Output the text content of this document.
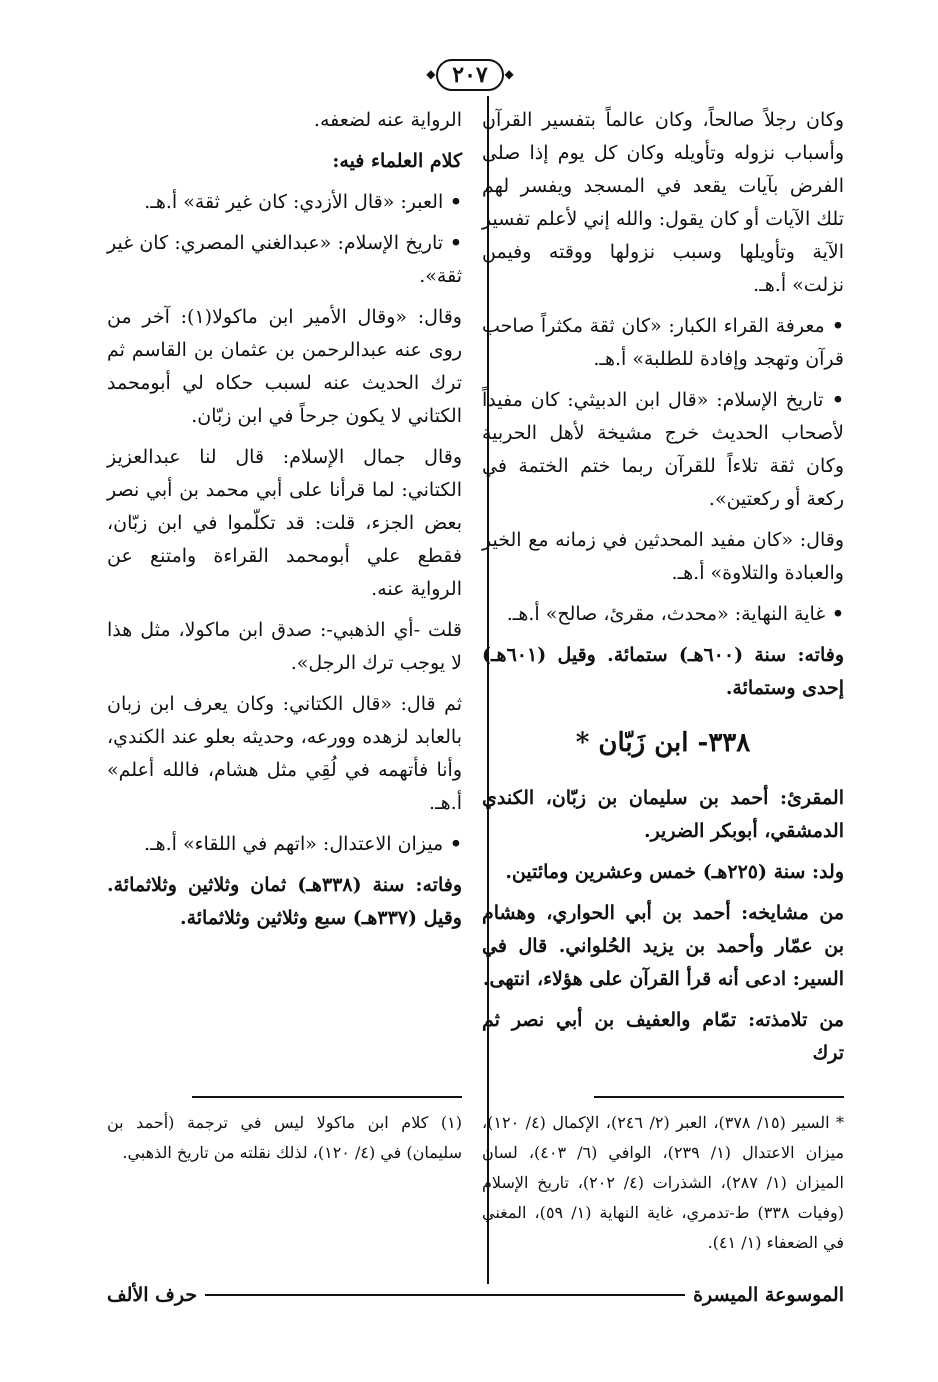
◆ ٢٠٧ ◆

وكان رجلاً صالحاً، وكان عالماً بتفسير القرآن وأسباب نزوله وتأويله وكان كل يوم إذا صلى الفرض بآيات يقعد في المسجد ويفسر لهم تلك الآيات أو كان يقول: والله إني لأعلم تفسير الآية وتأويلها وسبب نزولها ووقته وفيمن نزلت» أ.هـ.

• معرفة القراء الكبار: «كان ثقة مكثراً صاحب قرآن وتهجد وإفادة للطلبة» أ.هـ.

• تاريخ الإسلام: «قال ابن الدبيثي: كان مفيداً لأصحاب الحديث خرج مشيخة لأهل الحربية وكان ثقة تلاءاً للقرآن ربما ختم الختمة في ركعة أو ركعتين».

وقال: «كان مفيد المحدثين في زمانه مع الخير والعبادة والتلاوة» أ.هـ.

• غاية النهاية: «محدث، مقرئ، صالح» أ.هـ.

وفاته: سنة (٦٠٠هـ) ستمائة. وقيل (٦٠١هـ) إحدى وستمائة.

٣٣٨- ابن زَبّان *

المقرئ: أحمد بن سليمان بن زبّان، الكندي الدمشقي، أبوبكر الضرير.

ولد: سنة (٢٢٥هـ) خمس وعشرين ومائتين.

من مشايخه: أحمد بن أبي الحواري، وهشام بن عمّار وأحمد بن يزيد الحُلواني. قال في السير: ادعى أنه قرأ القرآن على هؤلاء، انتهى.

من تلامذته: تمّام والعفيف بن أبي نصر ثم ترك

الرواية عنه لضعفه.

كلام العلماء فيه:

• العبر: «قال الأزدي: كان غير ثقة» أ.هـ.

• تاريخ الإسلام: «عبدالغني المصري: كان غير ثقة».

وقال: «وقال الأمير ابن ماكولا(١): آخر من روى عنه عبدالرحمن بن عثمان بن القاسم ثم ترك الحديث عنه لسبب حكاه لي أبومحمد الكتاني لا يكون جرحاً في ابن زبّان.

وقال جمال الإسلام: قال لنا عبدالعزيز الكتاني: لما قرأنا على أبي محمد بن أبي نصر بعض الجزء، قلت: قد تكلّموا في ابن زبّان، فقطع علي أبومحمد القراءة وامتنع عن الرواية عنه.

قلت -أي الذهبي-: صدق ابن ماكولا، مثل هذا لا يوجب ترك الرجل».

ثم قال: «قال الكتاني: وكان يعرف ابن زبان بالعابد لزهده وورعه، وحديثه بعلو عند الكندي، وأنا فأتهمه في لُقِي مثل هشام، فالله أعلم» أ.هـ.

• ميزان الاعتدال: «اتهم في اللقاء» أ.هـ.

وفاته: سنة (٣٣٨هـ) ثمان وثلاثين وثلاثمائة. وقيل (٣٣٧هـ) سبع وثلاثين وثلاثمائة.

* السير (١٥/ ٣٧٨)، العبر (٢/ ٢٤٦)، الإكمال (٤/ ١٢٠)، ميزان الاعتدال (١/ ٢٣٩)، الوافي (٦/ ٤٠٣)، لسان الميزان (١/ ٢٨٧)، الشذرات (٤/ ٢٠٢)، تاريخ الإسلام (وفيات ٣٣٨) ط-تدمري، غاية النهاية (١/ ٥٩)، المغني في الضعفاء (١/ ٤١).
(١) كلام ابن ماكولا ليس في ترجمة (أحمد بن سليمان) في (٤/ ١٢٠)، لذلك نقلته من تاريخ الذهبي.
الموسوعة الميسرة
حرف الألف
